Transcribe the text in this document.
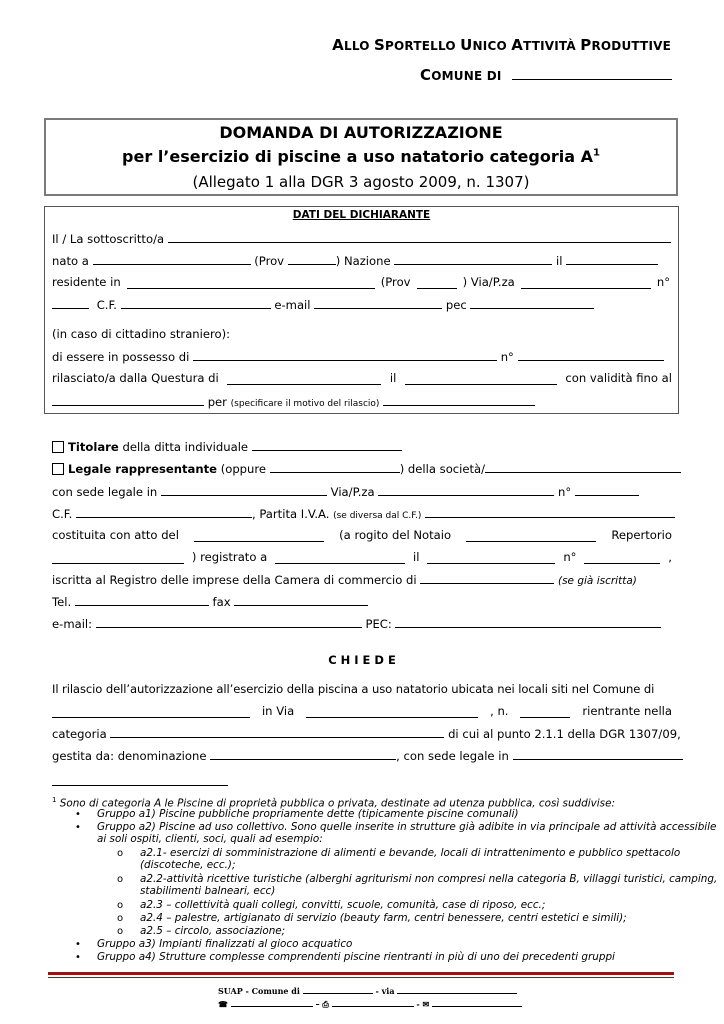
ALLO SPORTELLO UNICO ATTIVITÀ PRODUTTIVE
COMUNE DI
DOMANDA DI AUTORIZZAZIONE
per l’esercizio di piscine a uso natatorio categoria $A^1$
(Allegato 1 alla DGR 3 agosto 2009, n. 1307)
DATI DEL DICHIARANTE
Il / La sottoscritto/a
nato a	(Prov	) Nazione	il
residente in	(Prov	) Via/P.za	n°
C.F.	e-mail	pec
(in caso di cittadino straniero):
di essere in possesso di	n°
rilasciato/a dalla Questura di	il	con validità fino al
per (specificare il motivo del rilascio)
Titolare della ditta individuale
Legale rappresentante (oppure	) della società/
con sede legale in	Via/P.za	n°
C.F.	, Partita I.V.A. (se diversa dal C.F.)
costituita con atto del	(a rogito del Notaio	Repertorio
) registrato a	il	n°	,
iscritta al Registro delle imprese della Camera di commercio di	(se già iscritta)
Tel.	fax
e-mail:	PEC:
C H I E D E
Il rilascio dell’autorizzazione all’esercizio della piscina a uso natatorio ubicata nei locali siti nel Comune di
in Via	, n.	rientrante nella
categoria	di cui al punto 2.1.1 della DGR 1307/09,
gestita da: denominazione	, con sede legale in
$^1$ Sono di categoria A le Piscine di proprietà pubblica o privata, destinate ad utenza pubblica, così suddivise:
• Gruppo a1) Piscine pubbliche propriamente dette (tipicamente piscine comunali)
• Gruppo a2) Piscine ad uso collettivo. Sono quelle inserite in strutture già adibite in via principale ad attività accessibile
ai soli ospiti, clienti, soci, quali ad esempio:
o a2.1- esercizi di somministrazione di alimenti e bevande, locali di intrattenimento e pubblico spettacolo
(discoteche, ecc.);
o a2.2-attività ricettive turistiche (alberghi agriturismi non compresi nella categoria B, villaggi turistici, camping,
stabilimenti balneari, ecc)
o a2.3 – collettività quali collegi, convitti, scuole, comunità, case di riposo, ecc.;
o a2.4 – palestre, artigianato di servizio (beauty farm, centri benessere, centri estetici e simili);
o a2.5 – circolo, associazione;
• Gruppo a3) Impianti finalizzati al gioco acquatico
• Gruppo a4) Strutture complesse comprendenti piscine rientranti in più di uno dei precedenti gruppi
SUAP - Comune di	- via
☎	– ⎙	- ✉
